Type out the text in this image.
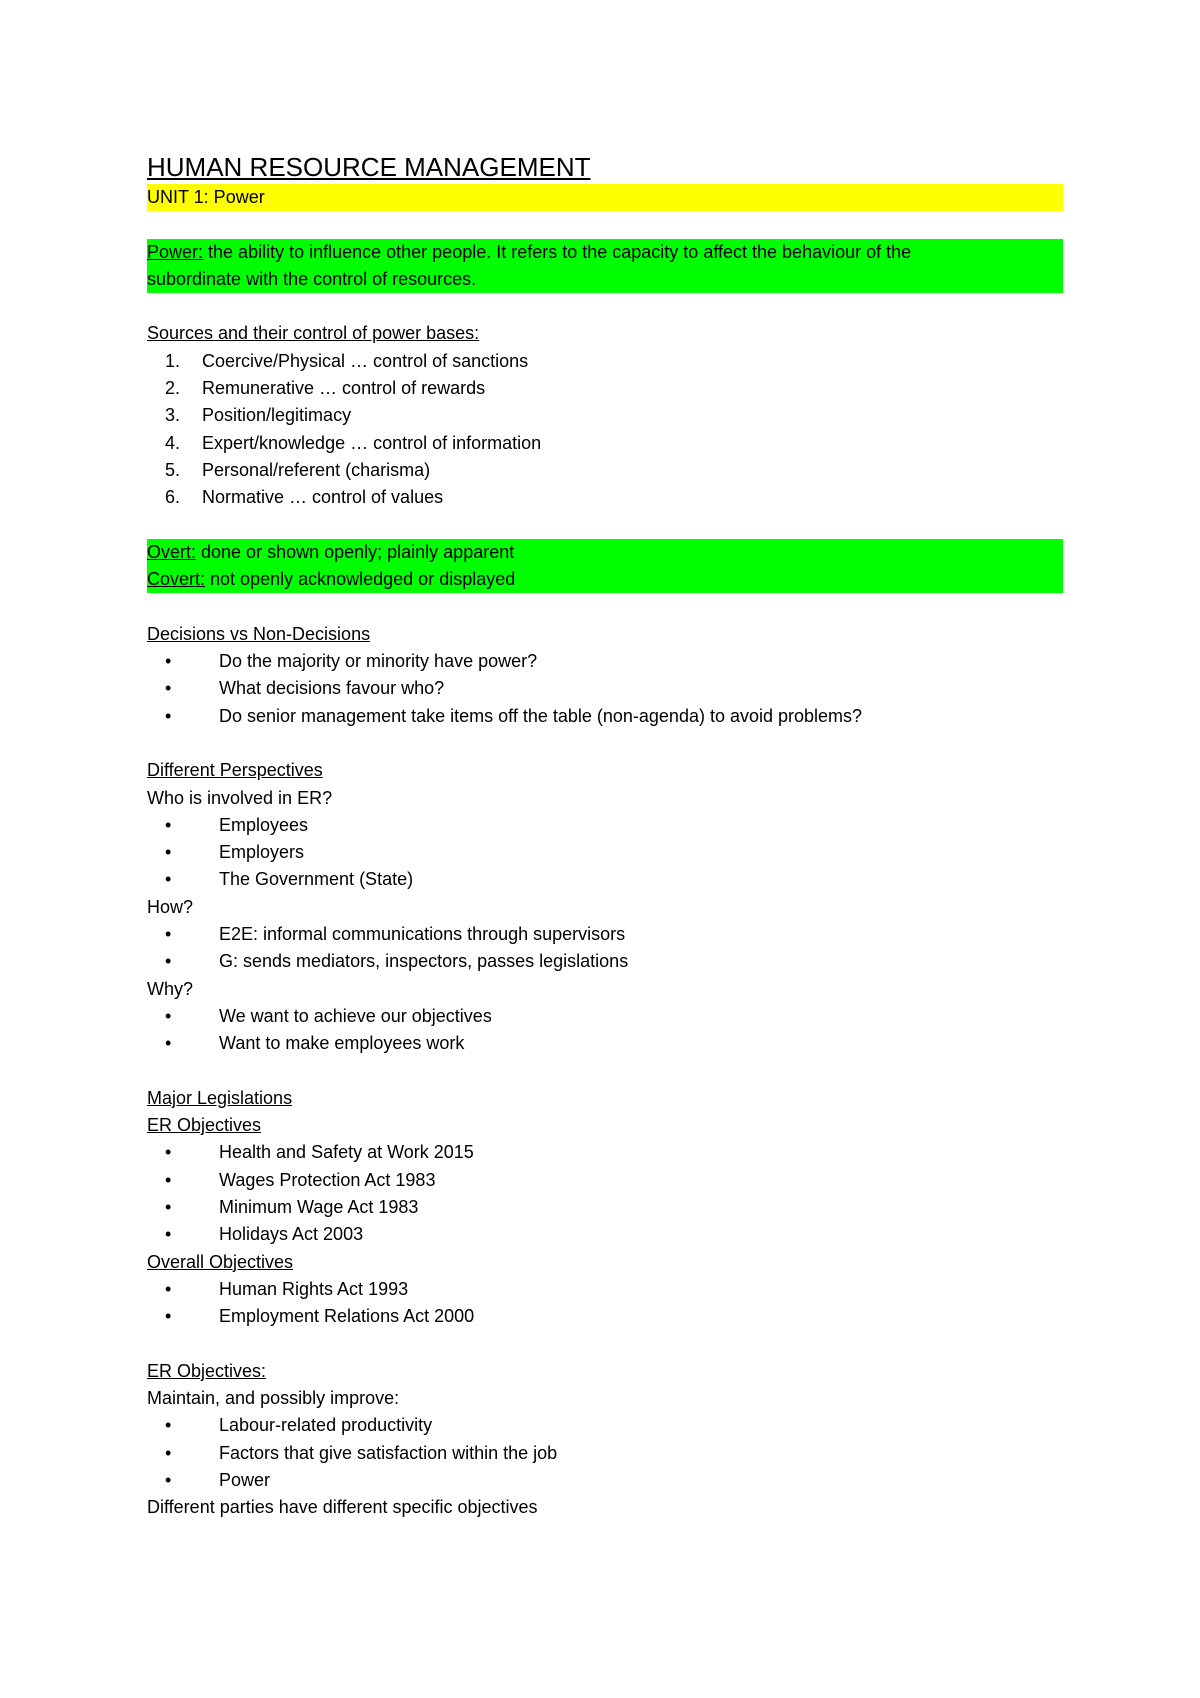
HUMAN RESOURCE MANAGEMENT
UNIT 1: Power
Power: the ability to influence other people. It refers to the capacity to affect the behaviour of the
subordinate with the control of resources.
Sources and their control of power bases:
1. Coercive/Physical … control of sanctions
2. Remunerative … control of rewards
3. Position/legitimacy
4. Expert/knowledge … control of information
5. Personal/referent (charisma)
6. Normative … control of values
Overt: done or shown openly; plainly apparent
Covert: not openly acknowledged or displayed
Decisions vs Non-Decisions
•	Do the majority or minority have power?
•	What decisions favour who?
•	Do senior management take items off the table (non-agenda) to avoid problems?
Different Perspectives
Who is involved in ER?
•	Employees
•	Employers
•	The Government (State)
How?
•	E2E: informal communications through supervisors
•	G: sends mediators, inspectors, passes legislations
Why?
•	We want to achieve our objectives
•	Want to make employees work
Major Legislations
ER Objectives
•	Health and Safety at Work 2015
•	Wages Protection Act 1983
•	Minimum Wage Act 1983
•	Holidays Act 2003
Overall Objectives
•	Human Rights Act 1993
•	Employment Relations Act 2000
ER Objectives:
Maintain, and possibly improve:
•	Labour-related productivity
•	Factors that give satisfaction within the job
•	Power
Different parties have different specific objectives
